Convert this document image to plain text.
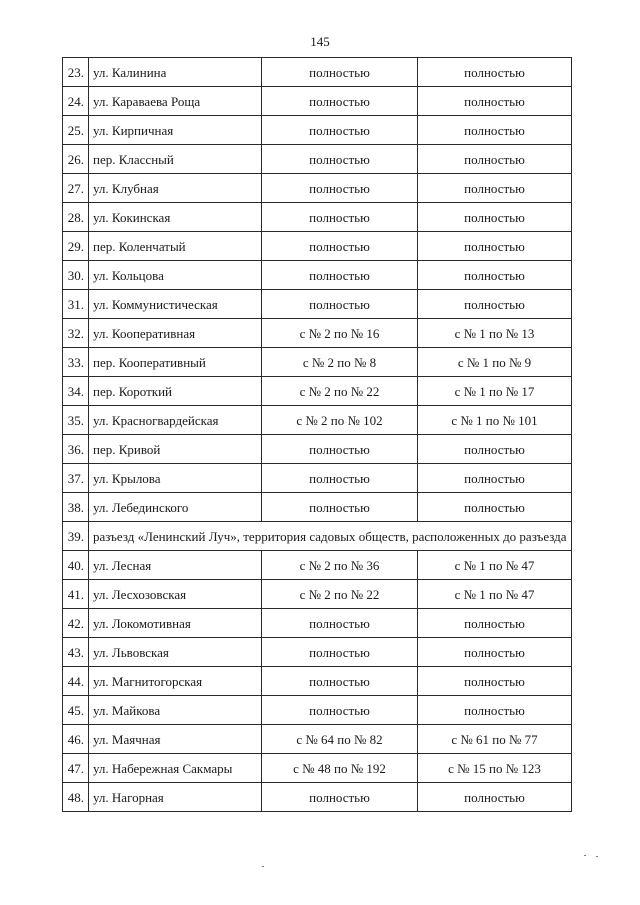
145
23.	ул. Калинина	полностью	полностью
24.	ул. Караваева Роща	полностью	полностью
25.	ул. Кирпичная	полностью	полностью
26.	пер. Классный	полностью	полностью
27.	ул. Клубная	полностью	полностью
28.	ул. Кокинская	полностью	полностью
29.	пер. Коленчатый	полностью	полностью
30.	ул. Кольцова	полностью	полностью
31.	ул. Коммунистическая	полностью	полностью
32.	ул. Кооперативная	с № 2 по № 16	с № 1 по № 13
33.	пер. Кооперативный	с № 2 по № 8	с № 1 по № 9
34.	пер. Короткий	с № 2 по № 22	с № 1 по № 17
35.	ул. Красногвардейская	с № 2 по № 102	с № 1 по № 101
36.	пер. Кривой	полностью	полностью
37.	ул. Крылова	полностью	полностью
38.	ул. Лебединского	полностью	полностью
39.	разъезд «Ленинский Луч», территория садовых обществ, расположенных до разъезда		
40.	ул. Лесная	с № 2 по № 36	с № 1 по № 47
41.	ул. Лесхозовская	с № 2 по № 22	с № 1 по № 47
42.	ул. Локомотивная	полностью	полностью
43.	ул. Львовская	полностью	полностью
44.	ул. Магнитогорская	полностью	полностью
45.	ул. Майкова	полностью	полностью
46.	ул. Маячная	с № 64 по № 82	с № 61 по № 77
47.	ул. Набережная Сакмары	с № 48 по № 192	с № 15 по № 123
48.	ул. Нагорная	полностью	полностью
